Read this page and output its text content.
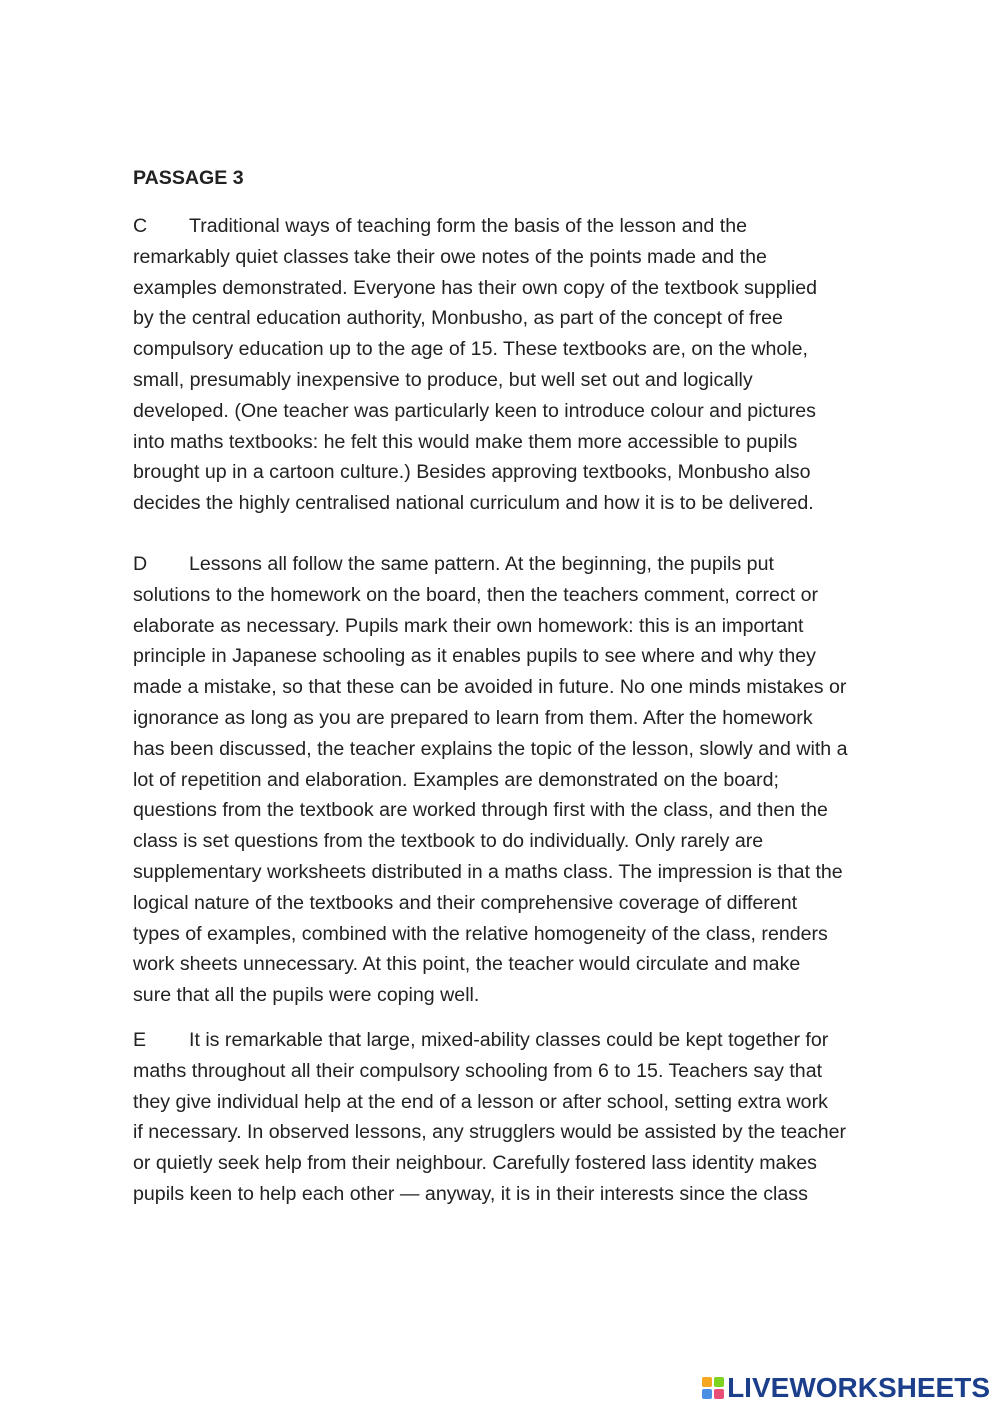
PASSAGE 3
C Traditional ways of teaching form the basis of the lesson and the
remarkably quiet classes take their owe notes of the points made and the
examples demonstrated. Everyone has their own copy of the textbook supplied
by the central education authority, Monbusho, as part of the concept of free
compulsory education up to the age of 15. These textbooks are, on the whole,
small, presumably inexpensive to produce, but well set out and logically
developed. (One teacher was particularly keen to introduce colour and pictures
into maths textbooks: he felt this would make them more accessible to pupils
brought up in a cartoon culture.) Besides approving textbooks, Monbusho also
decides the highly centralised national curriculum and how it is to be delivered.
D Lessons all follow the same pattern. At the beginning, the pupils put
solutions to the homework on the board, then the teachers comment, correct or
elaborate as necessary. Pupils mark their own homework: this is an important
principle in Japanese schooling as it enables pupils to see where and why they
made a mistake, so that these can be avoided in future. No one minds mistakes or
ignorance as long as you are prepared to learn from them. After the homework
has been discussed, the teacher explains the topic of the lesson, slowly and with a
lot of repetition and elaboration. Examples are demonstrated on the board;
questions from the textbook are worked through first with the class, and then the
class is set questions from the textbook to do individually. Only rarely are
supplementary worksheets distributed in a maths class. The impression is that the
logical nature of the textbooks and their comprehensive coverage of different
types of examples, combined with the relative homogeneity of the class, renders
work sheets unnecessary. At this point, the teacher would circulate and make
sure that all the pupils were coping well.
E It is remarkable that large, mixed-ability classes could be kept together for
maths throughout all their compulsory schooling from 6 to 15. Teachers say that
they give individual help at the end of a lesson or after school, setting extra work
if necessary. In observed lessons, any strugglers would be assisted by the teacher
or quietly seek help from their neighbour. Carefully fostered lass identity makes
pupils keen to help each other — anyway, it is in their interests since the class
LIVEWORKSHEETS
